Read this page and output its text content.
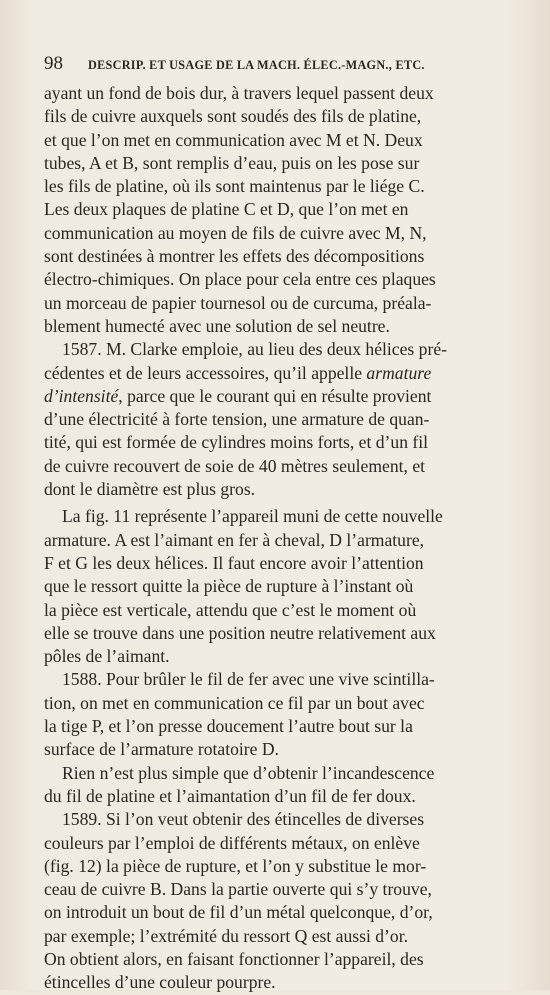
98 DESCRIP. ET USAGE DE LA MACH. ÉLEC.-MAGN., ETC.
ayant un fond de bois dur, à travers lequel passent deux
fils de cuivre auxquels sont soudés des fils de platine,
et que l’on met en communication avec M et N. Deux
tubes, A et B, sont remplis d’eau, puis on les pose sur
les fils de platine, où ils sont maintenus par le liége C.
Les deux plaques de platine C et D, que l’on met en
communication au moyen de fils de cuivre avec M, N,
sont destinées à montrer les effets des décompositions
électro-chimiques. On place pour cela entre ces plaques
un morceau de papier tournesol ou de curcuma, préala-
blement humecté avec une solution de sel neutre.
1587. M. Clarke emploie, au lieu des deux hélices pré-
cédentes et de leurs accessoires, qu’il appelle armature
d’intensité, parce que le courant qui en résulte provient
d’une électricité à forte tension, une armature de quan-
tité, qui est formée de cylindres moins forts, et d’un fil
de cuivre recouvert de soie de 40 mètres seulement, et
dont le diamètre est plus gros.
La fig. 11 représente l’appareil muni de cette nouvelle
armature. A est l’aimant en fer à cheval, D l’armature,
F et G les deux hélices. Il faut encore avoir l’attention
que le ressort quitte la pièce de rupture à l’instant où
la pièce est verticale, attendu que c’est le moment où
elle se trouve dans une position neutre relativement aux
pôles de l’aimant.
1588. Pour brûler le fil de fer avec une vive scintilla-
tion, on met en communication ce fil par un bout avec
la tige P, et l’on presse doucement l’autre bout sur la
surface de l’armature rotatoire D.
Rien n’est plus simple que d’obtenir l’incandescence
du fil de platine et l’aimantation d’un fil de fer doux.
1589. Si l’on veut obtenir des étincelles de diverses
couleurs par l’emploi de différents métaux, on enlève
(fig. 12) la pièce de rupture, et l’on y substitue le mor-
ceau de cuivre B. Dans la partie ouverte qui s’y trouve,
on introduit un bout de fil d’un métal quelconque, d’or,
par exemple; l’extrémité du ressort Q est aussi d’or.
On obtient alors, en faisant fonctionner l’appareil, des
étincelles d’une couleur pourpre.
